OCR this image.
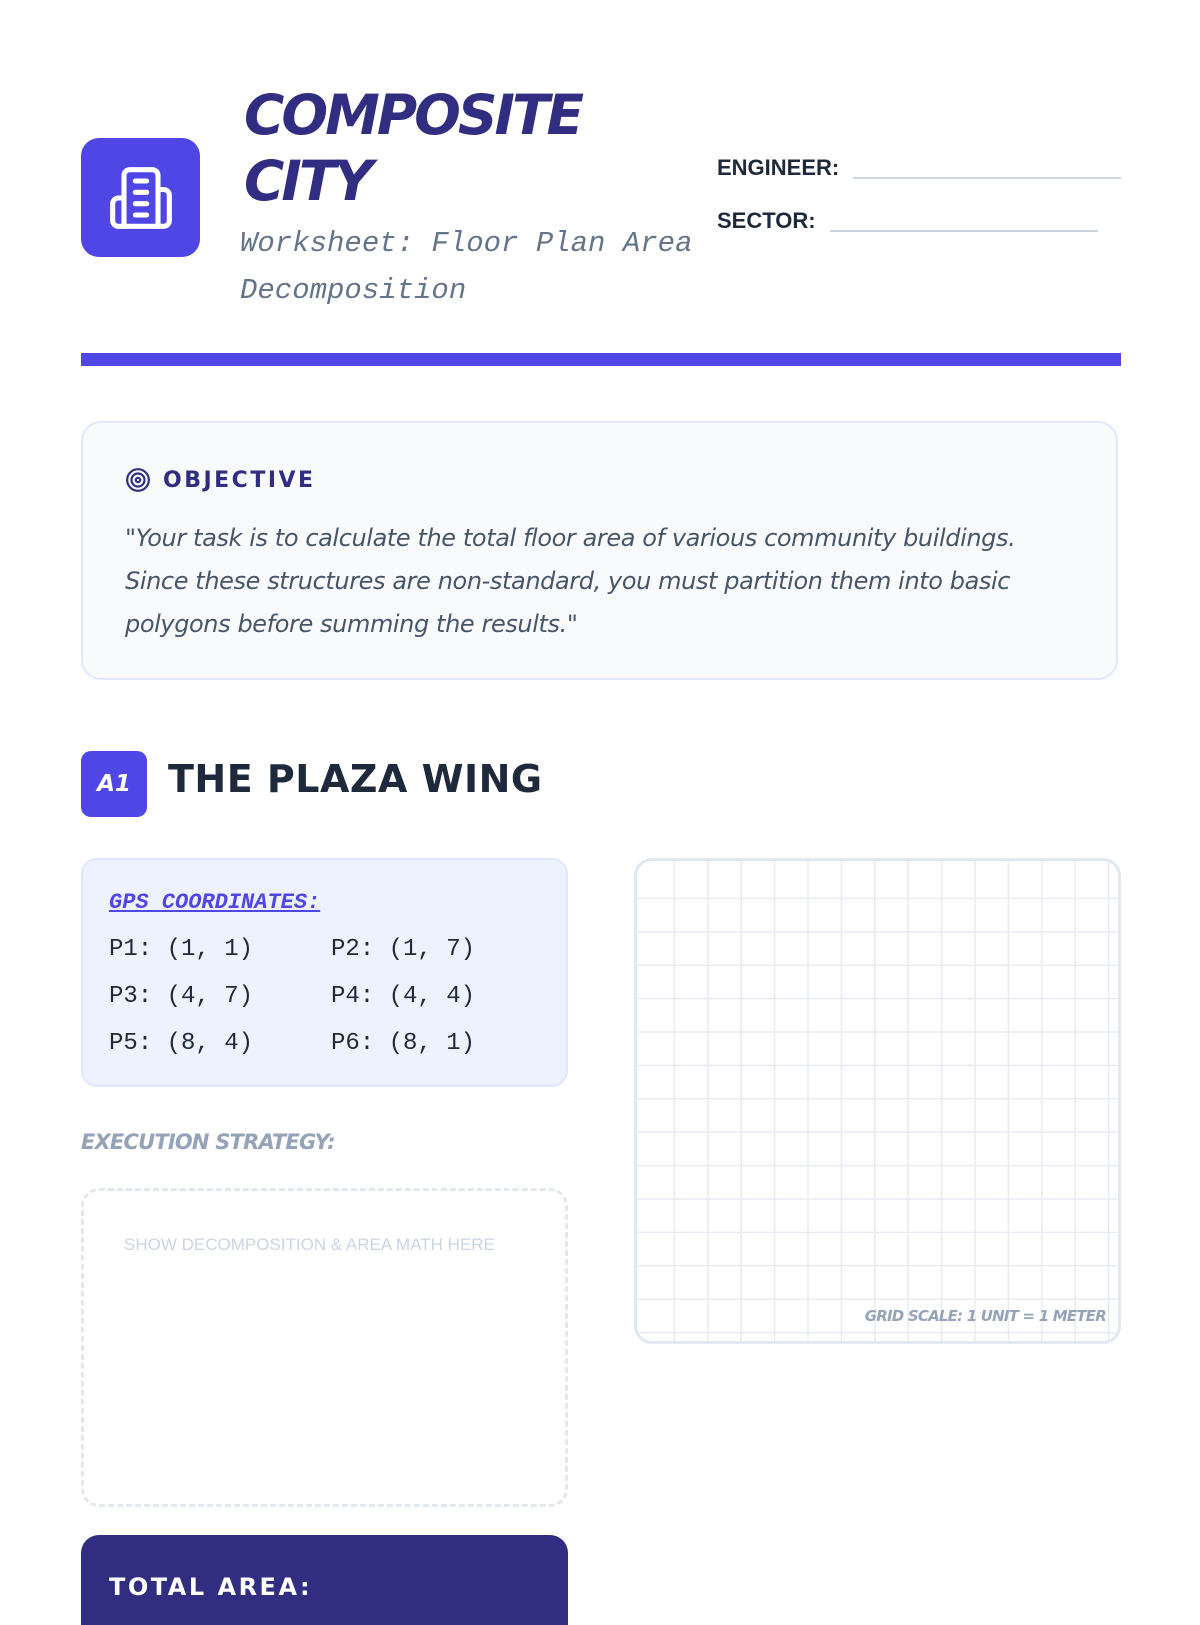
COMPOSITE
CITY

Worksheet: Floor Plan Area Decomposition

ENGINEER:
SECTOR:
OBJECTIVE

"Your task is to calculate the total floor area of various community buildings. Since these structures are non-standard, you must partition them into basic polygons before summing the results."

A1 THE PLAZA WING
GPS COORDINATES:
P1: (1, 1)	P2: (1, 7)
P3: (4, 7)	P4: (4, 4)
P5: (8, 4)	P6: (8, 1)
EXECUTION STRATEGY:
SHOW DECOMPOSITION & AREA MATH HERE
TOTAL AREA:
GRID SCALE: 1 UNIT = 1 METER
